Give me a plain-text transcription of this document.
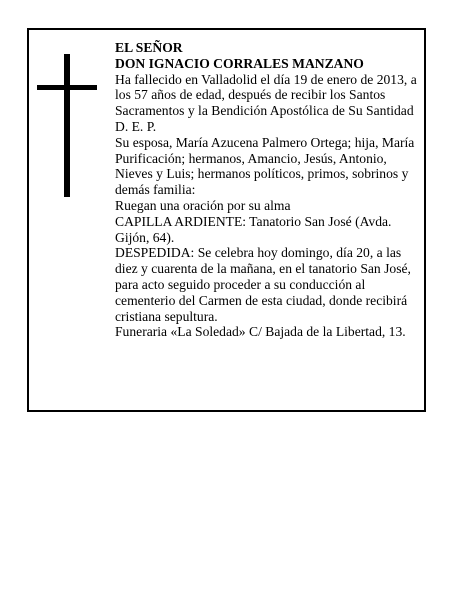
EL SEÑOR

DON IGNACIO CORRALES MANZANO

Ha fallecido en Valladolid el día 19 de enero de 2013, a los 57 años de edad, después de recibir los Santos Sacramentos y la Bendición Apostólica de Su Santidad D. E. P.

Su esposa, María Azucena Palmero Ortega; hija, María Purificación; hermanos, Amancio, Jesús, Antonio, Nieves y Luis; hermanos políticos, primos, sobrinos y demás familia:

Ruegan una oración por su alma

CAPILLA ARDIENTE: Tanatorio San José (Avda. Gijón, 64).

DESPEDIDA: Se celebra hoy domingo, día 20, a las diez y cuarenta de la mañana, en el tanatorio San José, para acto seguido proceder a su conducción al cementerio del Carmen de esta ciudad, donde recibirá cristiana sepultura.

Funeraria «La Soledad» C/ Bajada de la Libertad, 13.
